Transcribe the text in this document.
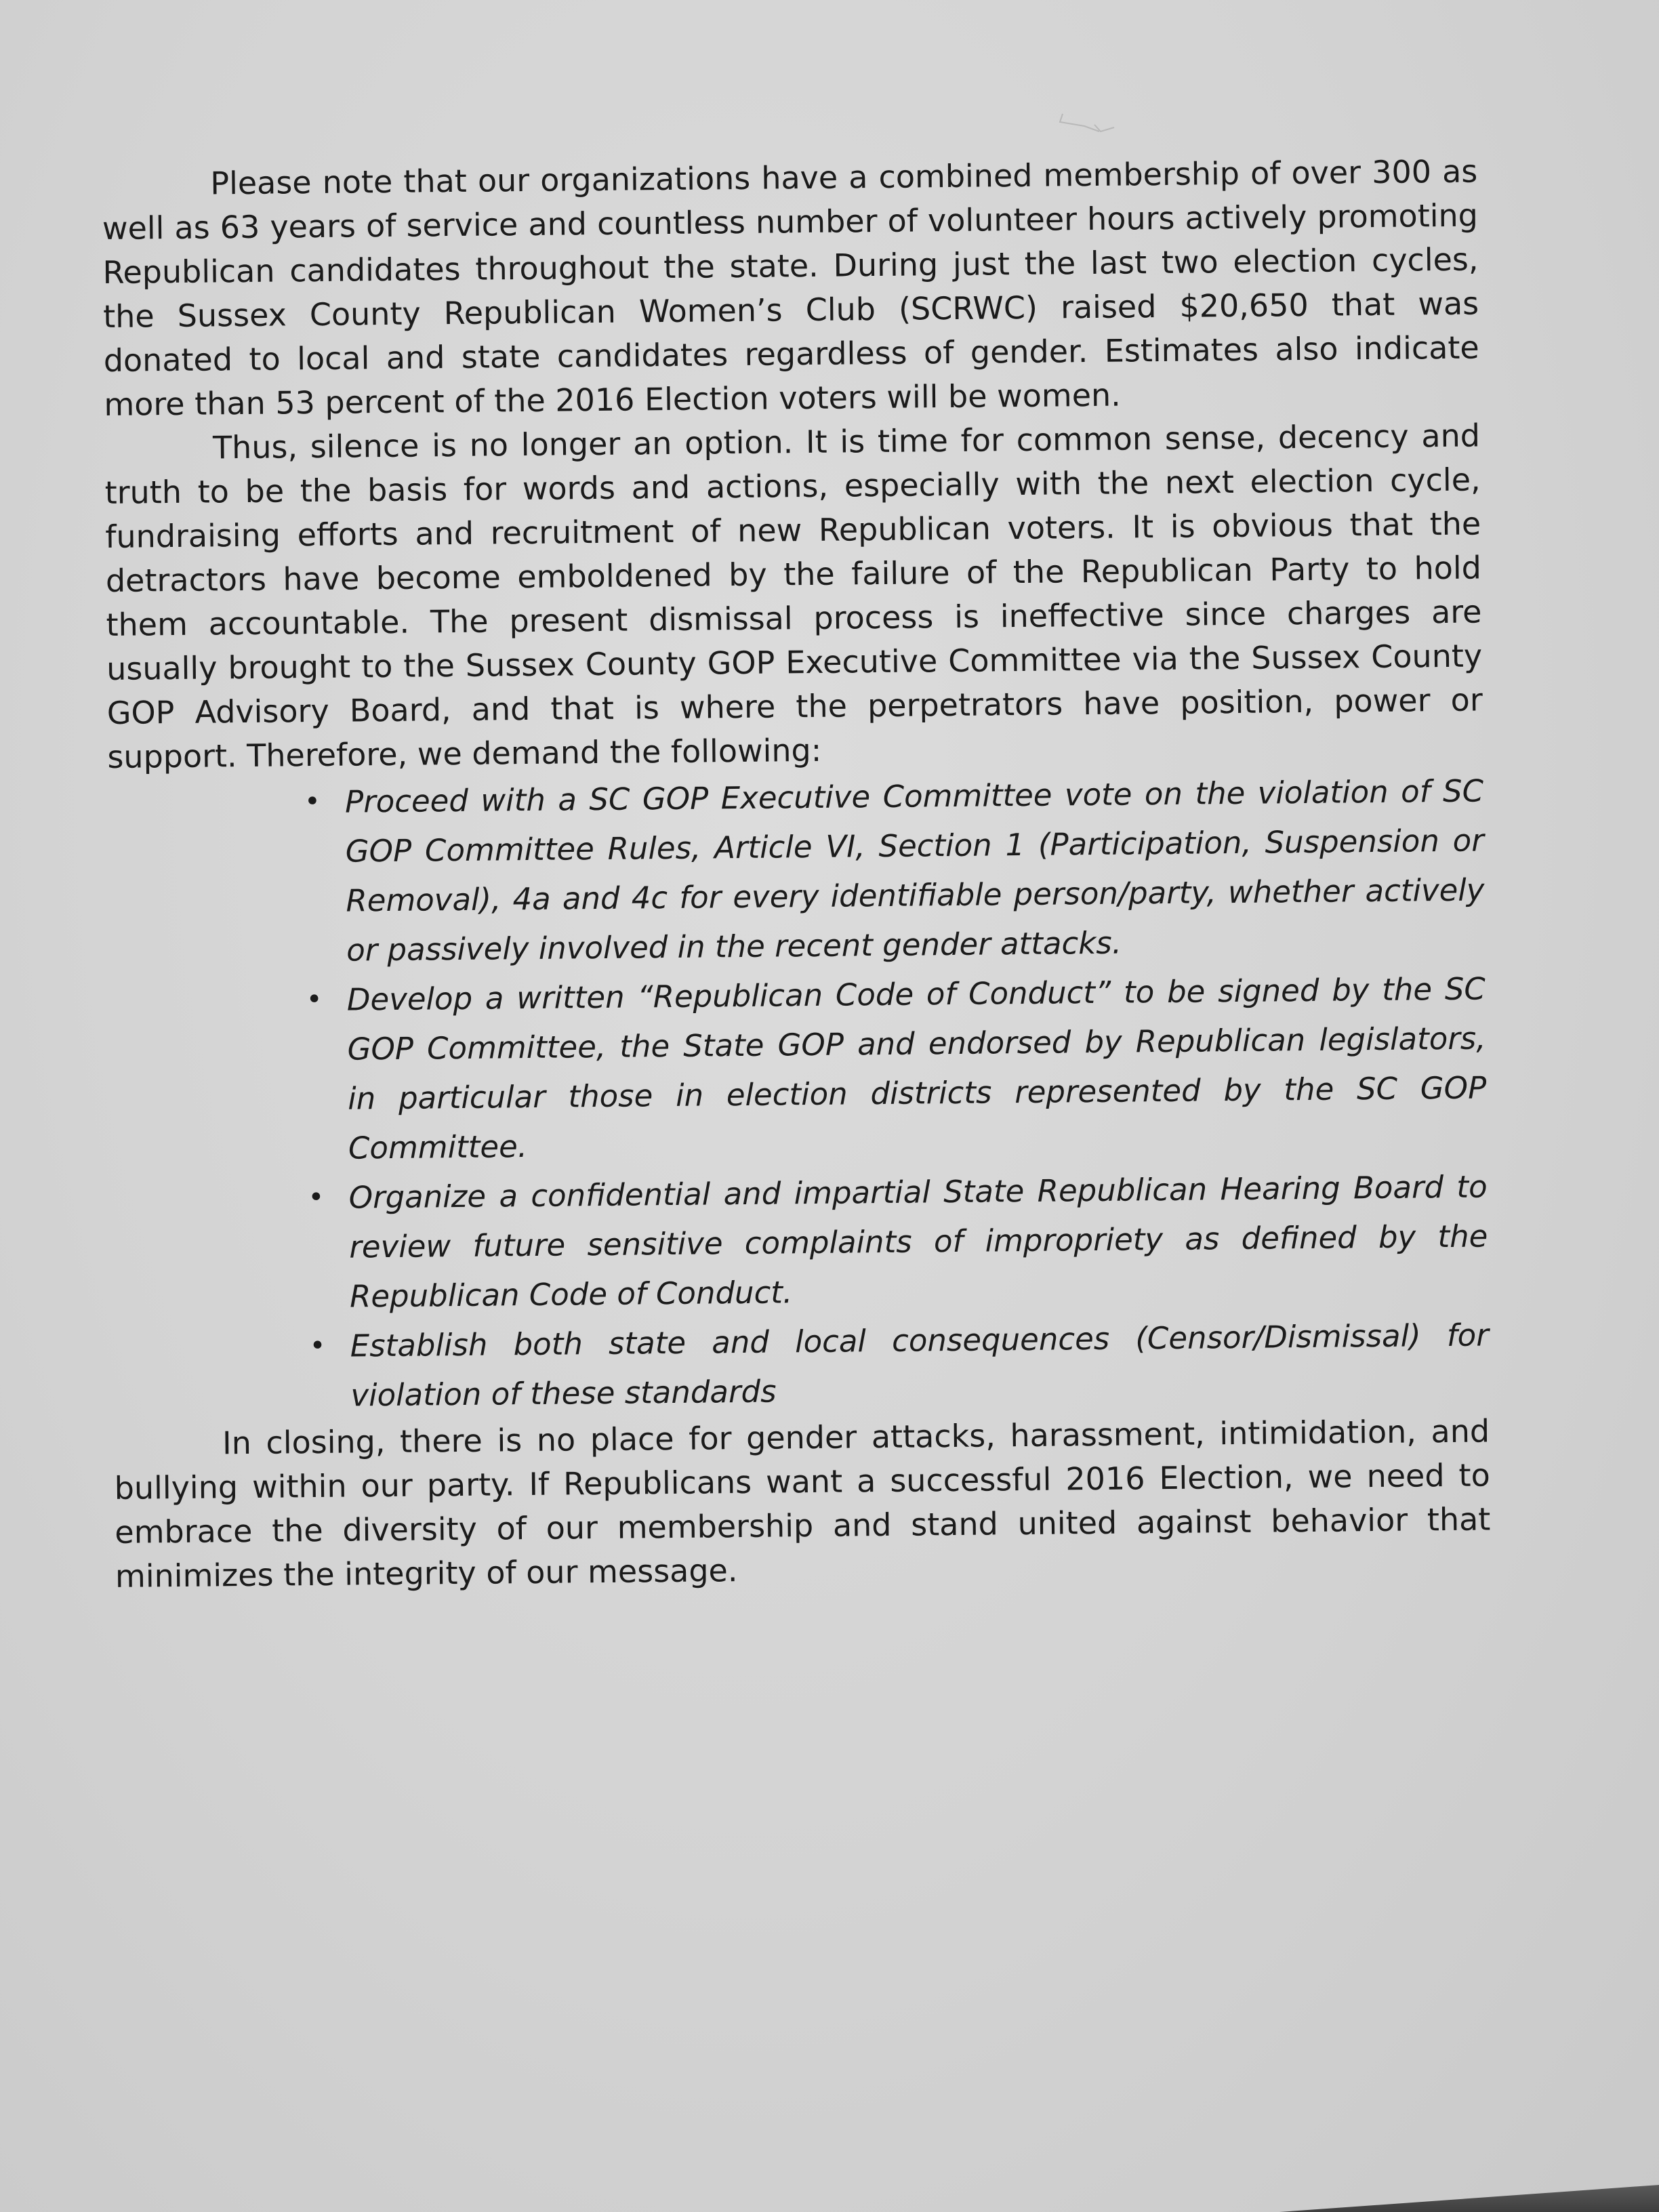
Please note that our organizations have a combined membership of over 300 as well as 63 years of service and countless number of volunteer hours actively promoting Republican candidates throughout the state. During just the last two election cycles, the Sussex County Republican Women’s Club (SCRWC) raised $20,650 that was donated to local and state candidates regardless of gender. Estimates also indicate more than 53 percent of the 2016 Election voters will be women.

Thus, silence is no longer an option. It is time for common sense, decency and truth to be the basis for words and actions, especially with the next election cycle, fundraising efforts and recruitment of new Republican voters. It is obvious that the detractors have become emboldened by the failure of the Republican Party to hold them accountable. The present dismissal process is ineffective since charges are usually brought to the Sussex County GOP Executive Committee via the Sussex County GOP Advisory Board, and that is where the perpetrators have position, power or support. Therefore, we demand the following:

• Proceed with a SC GOP Executive Committee vote on the violation of SC GOP Committee Rules, Article VI, Section 1 (Participation, Suspension or Removal), 4a and 4c for every identifiable person/party, whether actively or passively involved in the recent gender attacks.
• Develop a written “Republican Code of Conduct” to be signed by the SC GOP Committee, the State GOP and endorsed by Republican legislators, in particular those in election districts represented by the SC GOP Committee.
• Organize a confidential and impartial State Republican Hearing Board to review future sensitive complaints of impropriety as defined by the Republican Code of Conduct.
• Establish both state and local consequences (Censor/Dismissal) for violation of these standards

In closing, there is no place for gender attacks, harassment, intimidation, and bullying within our party. If Republicans want a successful 2016 Election, we need to embrace the diversity of our membership and stand united against behavior that minimizes the integrity of our message.
